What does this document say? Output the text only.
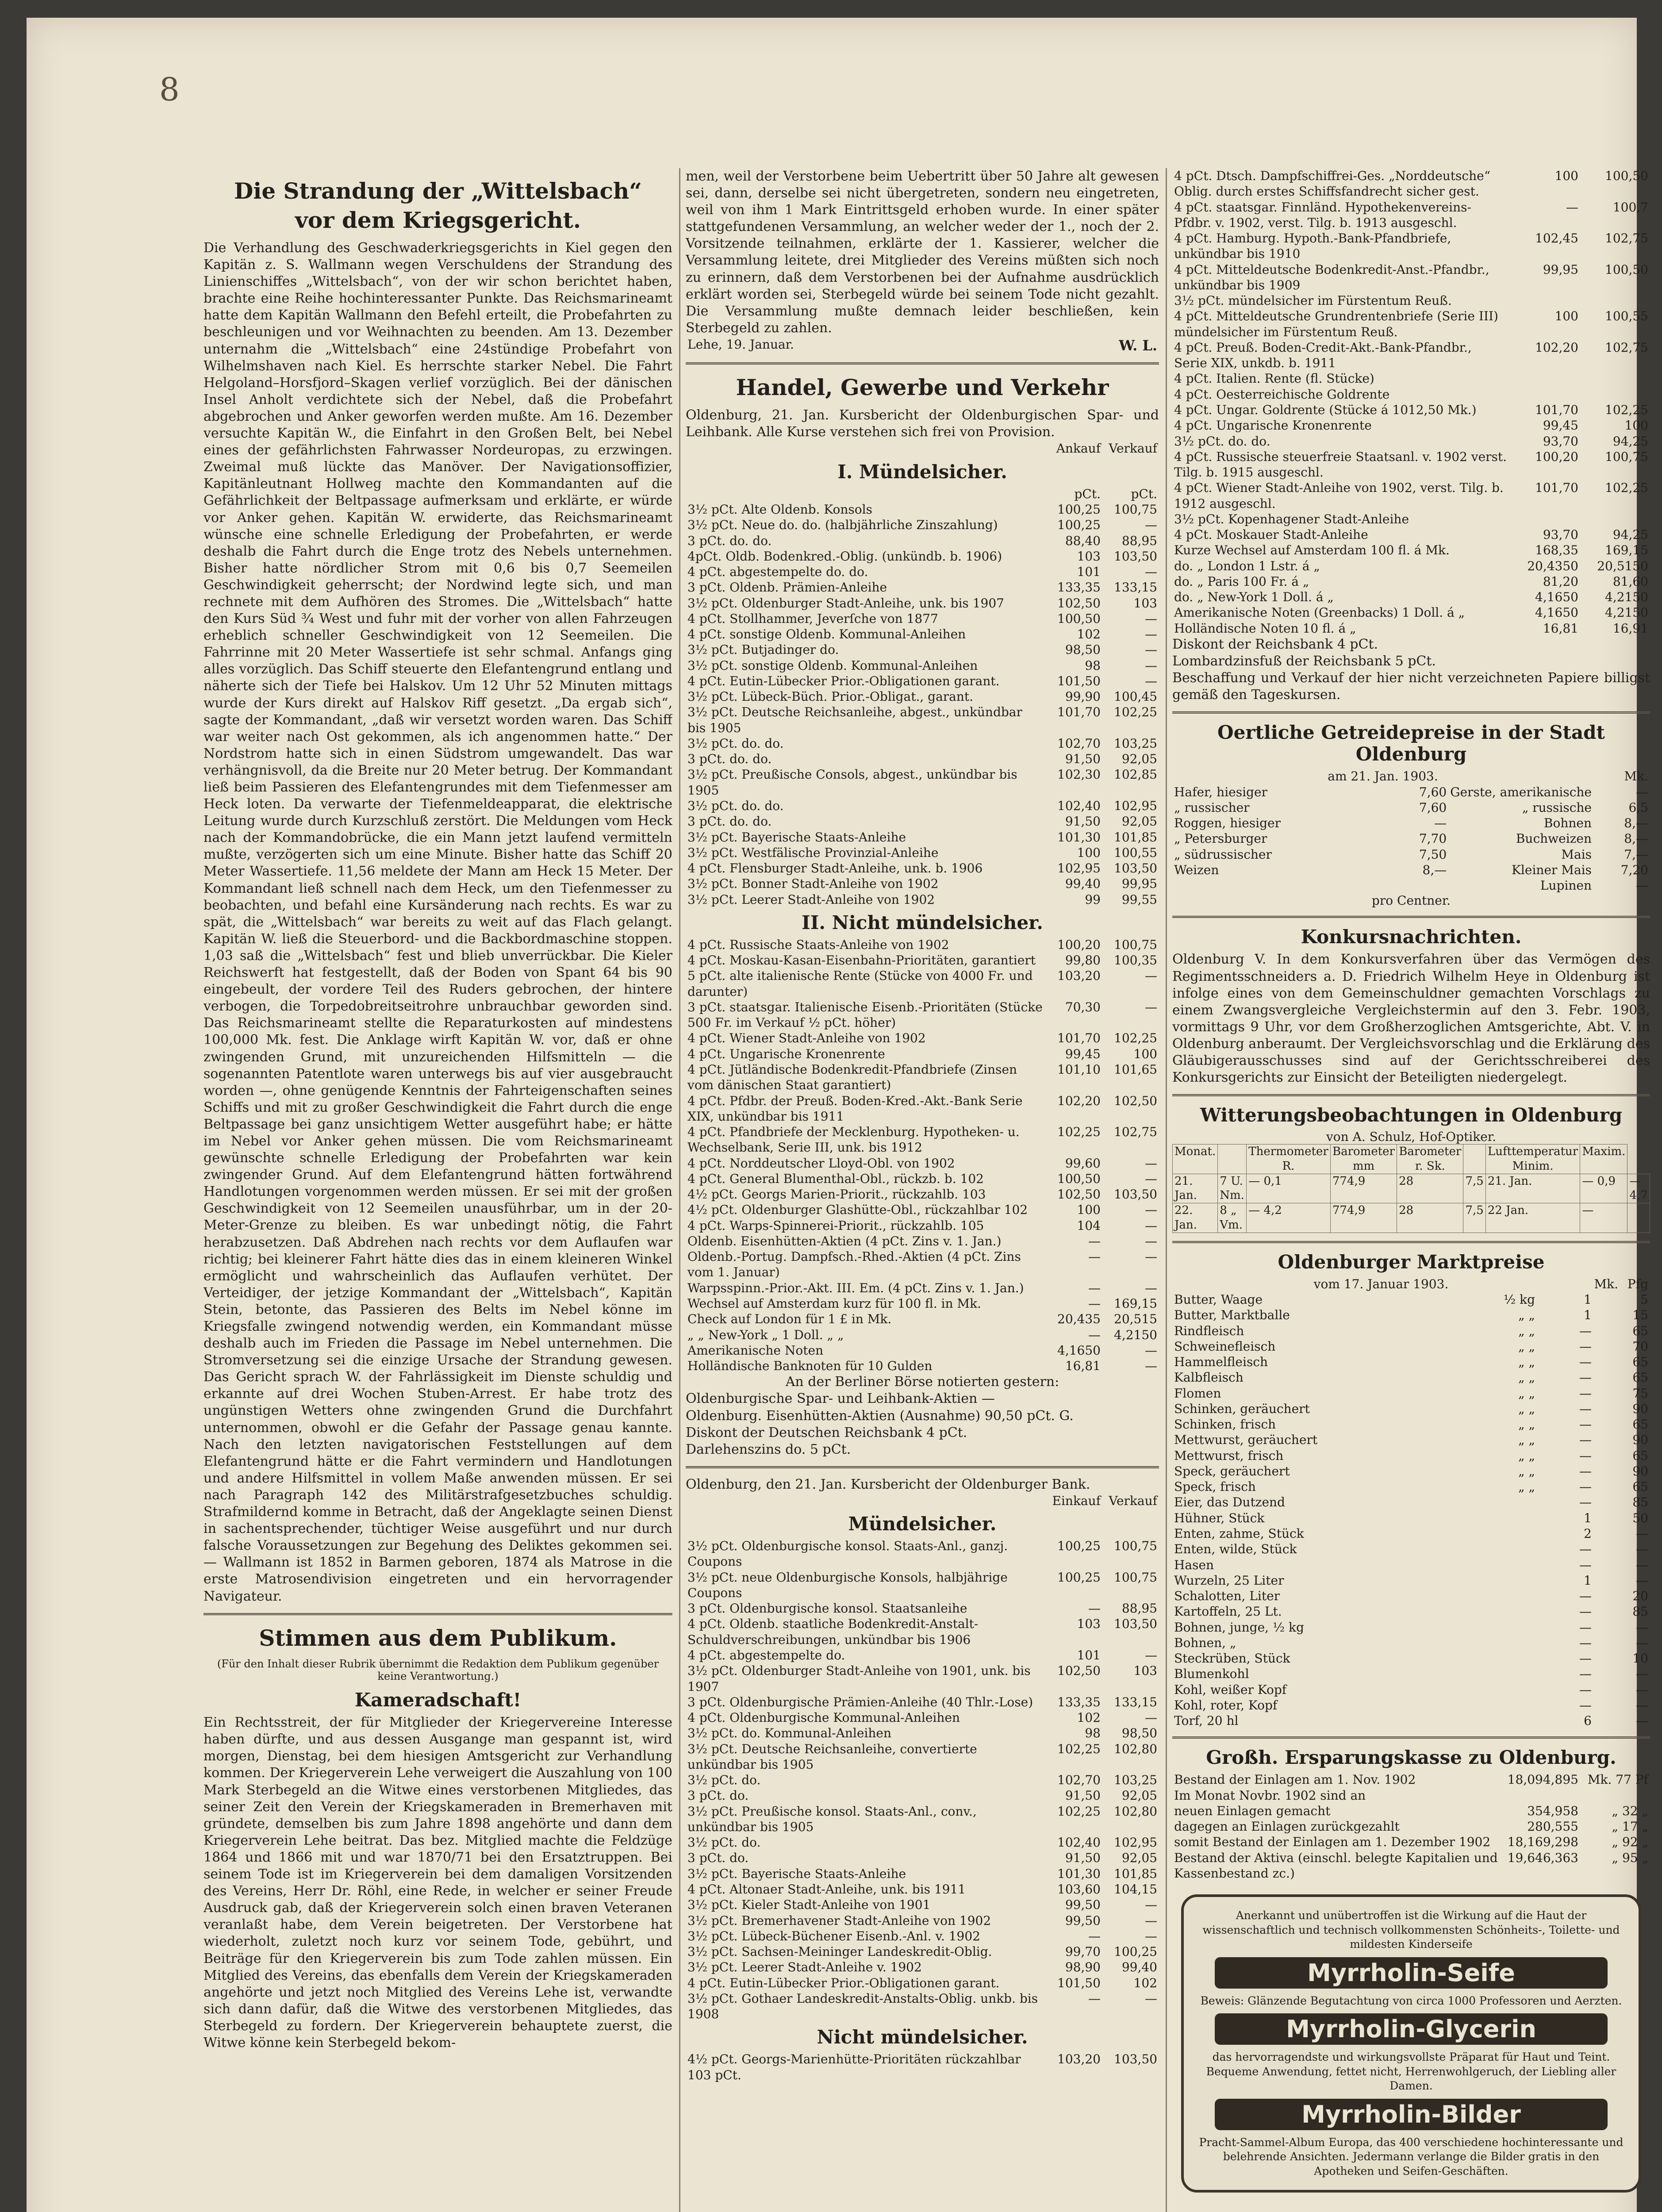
8
Die Strandung der „Wittelsbach“
vor dem Kriegsgericht.

Die Verhandlung des Geschwaderkriegsgerichts in Kiel gegen den Kapitän z. S. Wallmann wegen Verschuldens der Strandung des Linienschiffes „Wittelsbach“, von der wir schon berichtet haben, brachte eine Reihe hochinteressanter Punkte. Das Reichsmarineamt hatte dem Kapitän Wallmann den Befehl erteilt, die Probefahrten zu beschleunigen und vor Weihnachten zu beenden. Am 13. Dezember unternahm die „Wittelsbach“ eine 24stündige Probefahrt von Wilhelmshaven nach Kiel. Es herrschte starker Nebel. Die Fahrt Helgoland–Horsfjord–Skagen verlief vorzüglich. Bei der dänischen Insel Anholt verdichtete sich der Nebel, daß die Probefahrt abgebrochen und Anker geworfen werden mußte. Am 16. Dezember versuchte Kapitän W., die Einfahrt in den Großen Belt, bei Nebel eines der gefährlichsten Fahrwasser Nordeuropas, zu erzwingen. Zweimal muß lückte das Manöver. Der Navigationsoffizier, Kapitänleutnant Hollweg machte den Kommandanten auf die Gefährlichkeit der Beltpassage aufmerksam und erklärte, er würde vor Anker gehen. Kapitän W. erwiderte, das Reichsmarineamt wünsche eine schnelle Erledigung der Probefahrten, er werde deshalb die Fahrt durch die Enge trotz des Nebels unternehmen. Bisher hatte nördlicher Strom mit 0,6 bis 0,7 Seemeilen Geschwindigkeit geherrscht; der Nordwind legte sich, und man rechnete mit dem Aufhören des Stromes. Die „Wittelsbach“ hatte den Kurs Süd ¾ West und fuhr mit der vorher von allen Fahrzeugen erheblich schneller Geschwindigkeit von 12 Seemeilen. Die Fahrrinne mit 20 Meter Wassertiefe ist sehr schmal. Anfangs ging alles vorzüglich. Das Schiff steuerte den Elefantengrund entlang und näherte sich der Tiefe bei Halskov. Um 12 Uhr 52 Minuten mittags wurde der Kurs direkt auf Halskov Riff gesetzt. „Da ergab sich“, sagte der Kommandant, „daß wir versetzt worden waren. Das Schiff war weiter nach Ost gekommen, als ich angenommen hatte.“ Der Nordstrom hatte sich in einen Südstrom umgewandelt. Das war verhängnisvoll, da die Breite nur 20 Meter betrug. Der Kommandant ließ beim Passieren des Elefantengrundes mit dem Tiefenmesser am Heck loten. Da verwarte der Tiefenmeldeapparat, die elektrische Leitung wurde durch Kurzschluß zerstört. Die Meldungen vom Heck nach der Kommandobrücke, die ein Mann jetzt laufend vermitteln mußte, verzögerten sich um eine Minute. Bisher hatte das Schiff 20 Meter Wassertiefe. 11,56 meldete der Mann am Heck 15 Meter. Der Kommandant ließ schnell nach dem Heck, um den Tiefenmesser zu beobachten, und befahl eine Kursänderung nach rechts. Es war zu spät, die „Wittelsbach“ war bereits zu weit auf das Flach gelangt. Kapitän W. ließ die Steuerbord- und die Backbordmaschine stoppen. 1,03 saß die „Wittelsbach“ fest und blieb unverrückbar. Die Kieler Reichswerft hat festgestellt, daß der Boden von Spant 64 bis 90 eingebeult, der vordere Teil des Ruders gebrochen, der hintere verbogen, die Torpedobreitseitrohre unbrauchbar geworden sind. Das Reichsmarineamt stellte die Reparaturkosten auf mindestens 100,000 Mk. fest. Die Anklage wirft Kapitän W. vor, daß er ohne zwingenden Grund, mit unzureichenden Hilfsmitteln — die sogenannten Patentlote waren unterwegs bis auf vier ausgebraucht worden —, ohne genügende Kenntnis der Fahrteigenschaften seines Schiffs und mit zu großer Geschwindigkeit die Fahrt durch die enge Beltpassage bei ganz unsichtigem Wetter ausgeführt habe; er hätte im Nebel vor Anker gehen müssen. Die vom Reichsmarineamt gewünschte schnelle Erledigung der Probefahrten war kein zwingender Grund. Auf dem Elefantengrund hätten fortwährend Handlotungen vorgenommen werden müssen. Er sei mit der großen Geschwindigkeit von 12 Seemeilen unausführbar, um in der 20-Meter-Grenze zu bleiben. Es war unbedingt nötig, die Fahrt herabzusetzen. Daß Abdrehen nach rechts vor dem Auflaufen war richtig; bei kleinerer Fahrt hätte dies das in einem kleineren Winkel ermöglicht und wahrscheinlich das Auflaufen verhütet. Der Verteidiger, der jetzige Kommandant der „Wittelsbach“, Kapitän Stein, betonte, das Passieren des Belts im Nebel könne im Kriegsfalle zwingend notwendig werden, ein Kommandant müsse deshalb auch im Frieden die Passage im Nebel unternehmen. Die Stromversetzung sei die einzige Ursache der Strandung gewesen. Das Gericht sprach W. der Fahrlässigkeit im Dienste schuldig und erkannte auf drei Wochen Stuben-Arrest. Er habe trotz des ungünstigen Wetters ohne zwingenden Grund die Durchfahrt unternommen, obwohl er die Gefahr der Passage genau kannte. Nach den letzten navigatorischen Feststellungen auf dem Elefantengrund hätte er die Fahrt vermindern und Handlotungen und andere Hilfsmittel in vollem Maße anwenden müssen. Er sei nach Paragraph 142 des Militärstrafgesetzbuches schuldig. Strafmildernd komme in Betracht, daß der Angeklagte seinen Dienst in sachentsprechender, tüchtiger Weise ausgeführt und nur durch falsche Voraussetzungen zur Begehung des Deliktes gekommen sei. — Wallmann ist 1852 in Barmen geboren, 1874 als Matrose in die erste Matrosendivision eingetreten und ein hervorragender Navigateur.

Stimmen aus dem Publikum.
(Für den Inhalt dieser Rubrik übernimmt die Redaktion dem Publikum gegenüber keine Verantwortung.)
Kameradschaft!

Ein Rechtsstreit, der für Mitglieder der Kriegervereine Interesse haben dürfte, und aus dessen Ausgange man gespannt ist, wird morgen, Dienstag, bei dem hiesigen Amtsgericht zur Verhandlung kommen. Der Kriegerverein Lehe verweigert die Auszahlung von 100 Mark Sterbegeld an die Witwe eines verstorbenen Mitgliedes, das seiner Zeit den Verein der Kriegskameraden in Bremerhaven mit gründete, demselben bis zum Jahre 1898 angehörte und dann dem Kriegerverein Lehe beitrat. Das bez. Mitglied machte die Feldzüge 1864 und 1866 mit und war 1870/71 bei den Ersatztruppen. Bei seinem Tode ist im Kriegerverein bei dem damaligen Vorsitzenden des Vereins, Herr Dr. Röhl, eine Rede, in welcher er seiner Freude Ausdruck gab, daß der Kriegerverein solch einen braven Veteranen veranlaßt habe, dem Verein beigetreten. Der Verstorbene hat wiederholt, zuletzt noch kurz vor seinem Tode, gebührt, und Beiträge für den Kriegerverein bis zum Tode zahlen müssen. Ein Mitglied des Vereins, das ebenfalls dem Verein der Kriegskameraden angehörte und jetzt noch Mitglied des Vereins Lehe ist, verwandte sich dann dafür, daß die Witwe des verstorbenen Mitgliedes, das Sterbegeld zu fordern. Der Kriegerverein behauptete zuerst, die Witwe könne kein Sterbegeld bekom-

men, weil der Verstorbene beim Uebertritt über 50 Jahre alt gewesen sei, dann, derselbe sei nicht übergetreten, sondern neu eingetreten, weil von ihm 1 Mark Eintrittsgeld erhoben wurde. In einer später stattgefundenen Versammlung, an welcher weder der 1., noch der 2. Vorsitzende teilnahmen, erklärte der 1. Kassierer, welcher die Versammlung leitete, drei Mitglieder des Vereins müßten sich noch zu erinnern, daß dem Verstorbenen bei der Aufnahme ausdrücklich erklärt worden sei, Sterbegeld würde bei seinem Tode nicht gezahlt. Die Versammlung mußte demnach leider beschließen, kein Sterbegeld zu zahlen.

Lehe, 19. Januar.	W. L.
Handel, Gewerbe und Verkehr

Oldenburg, 21. Jan. Kursbericht der Oldenburgischen Spar- und Leihbank. Alle Kurse verstehen sich frei von Provision.

	Ankauf	Verkauf
I. Mündelsicher.
	pCt.	pCt.
3½ pCt. Alte Oldenb. Konsols	100,25	100,75
3½ pCt. Neue do. do. (halbjährliche Zinszahlung)	100,25	—
3 pCt. do. do.	88,40	88,95
4pCt. Oldb. Bodenkred.-Oblig. (unkündb. b. 1906)	103	103,50
4 pCt. abgestempelte do. do.	101	—
3 pCt. Oldenb. Prämien-Anleihe	133,35	133,15
3½ pCt. Oldenburger Stadt-Anleihe, unk. bis 1907	102,50	103
4 pCt. Stollhammer, Jeverſche von 1877	100,50	—
4 pCt. sonstige Oldenb. Kommunal-Anleihen	102	—
3½ pCt. Butjadinger do.	98,50	—
3½ pCt. sonstige Oldenb. Kommunal-Anleihen	98	—
4 pCt. Eutin-Lübecker Prior.-Obligationen garant.	101,50	—
3½ pCt. Lübeck-Büch. Prior.-Obligat., garant.	99,90	100,45
3½ pCt. Deutsche Reichsanleihe, abgest., unkündbar bis 1905	101,70	102,25
3½ pCt. do. do.	102,70	103,25
3 pCt. do. do.	91,50	92,05
3½ pCt. Preußische Consols, abgest., unkündbar bis 1905	102,30	102,85
3½ pCt. do. do.	102,40	102,95
3 pCt. do. do.	91,50	92,05
3½ pCt. Bayerische Staats-Anleihe	101,30	101,85
3½ pCt. Westfälische Provinzial-Anleihe	100	100,55
4 pCt. Flensburger Stadt-Anleihe, unk. b. 1906	102,95	103,50
3½ pCt. Bonner Stadt-Anleihe von 1902	99,40	99,95
3½ pCt. Leerer Stadt-Anleihe von 1902	99	99,55
II. Nicht mündelsicher.
4 pCt. Russische Staats-Anleihe von 1902	100,20	100,75
4 pCt. Moskau-Kasan-Eisenbahn-Prioritäten, garantiert	99,80	100,35
5 pCt. alte italienische Rente (Stücke von 4000 Fr. und darunter)	103,20	—
3 pCt. staatsgar. Italienische Eisenb.-Prioritäten (Stücke 500 Fr. im Verkauf ½ pCt. höher)	70,30	—
4 pCt. Wiener Stadt-Anleihe von 1902	101,70	102,25
4 pCt. Ungarische Kronenrente	99,45	100
4 pCt. Jütländische Bodenkredit-Pfandbriefe (Zinsen vom dänischen Staat garantiert)	101,10	101,65
4 pCt. Pfdbr. der Preuß. Boden-Kred.-Akt.-Bank Serie XIX, unkündbar bis 1911	102,20	102,50
4 pCt. Pfandbriefe der Mecklenburg. Hypotheken- u. Wechselbank, Serie III, unk. bis 1912	102,25	102,75
4 pCt. Norddeutscher Lloyd-Obl. von 1902	99,60	—
4 pCt. General Blumenthal-Obl., rückzb. b. 102	100,50	—
4½ pCt. Georgs Marien-Priorit., rückzahlb. 103	102,50	103,50
4½ pCt. Oldenburger Glashütte-Obl., rückzahlbar 102	100	—
4 pCt. Warps-Spinnerei-Priorit., rückzahlb. 105	104	—
Oldenb. Eisenhütten-Aktien (4 pCt. Zins v. 1. Jan.)	—	—
Oldenb.-Portug. Dampfsch.-Rhed.-Aktien (4 pCt. Zins vom 1. Januar)	—	—
Warpsspinn.-Prior.-Akt. III. Em. (4 pCt. Zins v. 1. Jan.)	—	—
Wechsel auf Amsterdam kurz für 100 fl. in Mk.	—	169,15
Check auf London für 1 £ in Mk.	20,435	20,515
„ „ New-York „ 1 Doll. „ „	—	4,2150
Amerikanische Noten	4,1650	—
Holländische Banknoten für 10 Gulden	16,81	—

An der Berliner Börse notierten gestern:

Oldenburgische Spar- und Leihbank-Aktien —

Oldenburg. Eisenhütten-Aktien (Ausnahme) 90,50 pCt. G.

Diskont der Deutschen Reichsbank 4 pCt.

Darlehenszins do. 5 pCt.

Oldenburg, den 21. Jan. Kursbericht der Oldenburger Bank.

	Einkauf	Verkauf
Mündelsicher.
3½ pCt. Oldenburgische konsol. Staats-Anl., ganzj. Coupons	100,25	100,75
3½ pCt. neue Oldenburgische Konsols, halbjährige Coupons	100,25	100,75
3 pCt. Oldenburgische konsol. Staatsanleihe	—	88,95
4 pCt. Oldenb. staatliche Bodenkredit-Anstalt-Schuldverschreibungen, unkündbar bis 1906	103	103,50
4 pCt. abgestempelte do.	101	—
3½ pCt. Oldenburger Stadt-Anleihe von 1901, unk. bis 1907	102,50	103
3 pCt. Oldenburgische Prämien-Anleihe (40 Thlr.-Lose)	133,35	133,15
4 pCt. Oldenburgische Kommunal-Anleihen	102	—
3½ pCt. do. Kommunal-Anleihen	98	98,50
3½ pCt. Deutsche Reichsanleihe, convertierte unkündbar bis 1905	102,25	102,80
3½ pCt. do.	102,70	103,25
3 pCt. do.	91,50	92,05
3½ pCt. Preußische konsol. Staats-Anl., conv., unkündbar bis 1905	102,25	102,80
3½ pCt. do.	102,40	102,95
3 pCt. do.	91,50	92,05
3½ pCt. Bayerische Staats-Anleihe	101,30	101,85
4 pCt. Altonaer Stadt-Anleihe, unk. bis 1911	103,60	104,15
3½ pCt. Kieler Stadt-Anleihe von 1901	99,50	—
3½ pCt. Bremerhavener Stadt-Anleihe von 1902	99,50	—
3½ pCt. Lübeck-Büchener Eisenb.-Anl. v. 1902	—	—
3½ pCt. Sachsen-Meininger Landeskredit-Oblig.	99,70	100,25
3½ pCt. Leerer Stadt-Anleihe v. 1902	98,90	99,40
4 pCt. Eutin-Lübecker Prior.-Obligationen garant.	101,50	102
3½ pCt. Gothaer Landeskredit-Anstalts-Oblig. unkb. bis 1908	—	—
Nicht mündelsicher.
4½ pCt. Georgs-Marienhütte-Prioritäten rückzahlbar 103 pCt.	103,20	103,50
4 pCt. Dtsch. Dampfschiffrei-Ges. „Norddeutsche“ Oblig. durch erstes Schiffsfandrecht sicher gest.	100	100,50
4 pCt. staatsgar. Finnländ. Hypothekenvereins-Pfdbr. v. 1902, verst. Tilg. b. 1913 ausgeschl.	—	100,7
4 pCt. Hamburg. Hypoth.-Bank-Pfandbriefe, unkündbar bis 1910	102,45	102,75
4 pCt. Mitteldeutsche Bodenkredit-Anst.-Pfandbr., unkündbar bis 1909	99,95	100,50
3½ pCt. mündelsicher im Fürstentum Reuß.		
4 pCt. Mitteldeutsche Grundrentenbriefe (Serie III) mündelsicher im Fürstentum Reuß.	100	100,55
4 pCt. Preuß. Boden-Credit-Akt.-Bank-Pfandbr., Serie XIX, unkdb. b. 1911	102,20	102,75
4 pCt. Italien. Rente (fl. Stücke)		
4 pCt. Oesterreichische Goldrente		
4 pCt. Ungar. Goldrente (Stücke á 1012,50 Mk.)	101,70	102,25
4 pCt. Ungarische Kronenrente	99,45	100
3½ pCt. do. do.	93,70	94,25
4 pCt. Russische steuerfreie Staatsanl. v. 1902 verst. Tilg. b. 1915 ausgeschl.	100,20	100,75
4 pCt. Wiener Stadt-Anleihe von 1902, verst. Tilg. b. 1912 ausgeschl.	101,70	102,25
3½ pCt. Kopenhagener Stadt-Anleihe		
4 pCt. Moskauer Stadt-Anleihe	93,70	94,25
Kurze Wechsel auf Amsterdam 100 fl. á Mk.	168,35	169,15
do. „ London 1 Lstr. á „	20,4350	20,5150
do. „ Paris 100 Fr. á „	81,20	81,60
do. „ New-York 1 Doll. á „	4,1650	4,2150
Amerikanische Noten (Greenbacks) 1 Doll. á „	4,1650	4,2150
Holländische Noten 10 fl. á „	16,81	16,91

Diskont der Reichsbank 4 pCt.

Lombardzinsfuß der Reichsbank 5 pCt.

Beschaffung und Verkauf der hier nicht verzeichneten Papiere billigst gemäß den Tageskursen.

Oertliche Getreidepreise in der Stadt Oldenburg
am 21. Jan. 1903.	Mk.
Hafer, hiesiger	7,60	Gerste, amerikanische	—
„ russischer	7,60	„ russische	6,5
Roggen, hiesiger	—	Bohnen	8,—
„ Petersburger	7,70	Buchweizen	8,—
„ südrussischer	7,50	Mais	7,—
Weizen	8,—	Kleiner Mais	7,20
		Lupinen	—
pro Centner.
Konkursnachrichten.

Oldenburg V. In dem Konkursverfahren über das Vermögen des Regimentsschneiders a. D. Friedrich Wilhelm Heye in Oldenburg ist infolge eines von dem Gemeinschuldner gemachten Vorschlags zu einem Zwangsvergleiche Vergleichstermin auf den 3. Febr. 1903, vormittags 9 Uhr, vor dem Großherzoglichen Amtsgerichte, Abt. V. in Oldenburg anberaumt. Der Vergleichsvorschlag und die Erklärung des Gläubigerausschusses sind auf der Gerichtsschreiberei des Konkursgerichts zur Einsicht der Beteiligten niedergelegt.

Witterungsbeobachtungen in Oldenburg
von A. Schulz, Hof-Optiker.
Monat.		Thermometer R.	Barometer mm	Barometer r. Sk.		Lufttemperatur Minim.	Maxim.	
21. Jan.	7 U. Nm.	— 0,1	774,9	28	7,5	21. Jan.	— 0,9	— 4,7
22. Jan.	8 „ Vm.	— 4,2	774,9	28	7,5	22 Jan.	—	
Oldenburger Marktpreise
vom 17. Januar 1903.	Mk.	Pfg
Butter, Waage	⅟₂ kg	1	5
Butter, Marktballe	„ „	1	15
Rindfleisch	„ „	—	65
Schweinefleisch	„ „	—	70
Hammelfleisch	„ „	—	65
Kalbfleisch	„ „	—	65
Flomen	„ „	—	75
Schinken, geräuchert	„ „	—	90
Schinken, frisch	„ „	—	65
Mettwurst, geräuchert	„ „	—	90
Mettwurst, frisch	„ „	—	65
Speck, geräuchert	„ „	—	90
Speck, frisch	„ „	—	65
Eier, das Dutzend		—	85
Hühner, Stück		1	50
Enten, zahme, Stück		2	—
Enten, wilde, Stück		—	—
Hasen		—	—
Wurzeln, 25 Liter		1	—
Schalotten, Liter		—	20
Kartoffeln, 25 Lt.		—	85
Bohnen, junge, ½ kg		—	—
Bohnen, „		—	—
Steckrüben, Stück		—	10
Blumenkohl		—	—
Kohl, weißer Kopf		—	—
Kohl, roter, Kopf		—	—
Torf, 20 hl		6	—
Großh. Ersparungskasse zu Oldenburg.
Bestand der Einlagen am 1. Nov. 1902	18,094,895	Mk. 77 Pf
Im Monat Novbr. 1902 sind an		
neuen Einlagen gemacht	354,958	„ 32 „
dagegen an Einlagen zurückgezahlt	280,555	„ 17 „
somit Bestand der Einlagen am 1. Dezember 1902	18,169,298	„ 92 „
Bestand der Aktiva (einschl. belegte Kapitalien und Kassenbestand zc.)	19,646,363	„ 95 „
Anerkannt und unübertroffen ist die Wirkung auf die Haut der wissenschaftlich und technisch vollkommensten Schönheits-, Toilette- und mildesten Kinderseife
Myrrholin-Seife
Beweis: Glänzende Begutachtung von circa 1000 Professoren und Aerzten.
Myrrholin-Glycerin
das hervorragendste und wirkungsvollste Präparat für Haut und Teint. Bequeme Anwendung, fettet nicht, Herrenwohlgeruch, der Liebling aller Damen.
Myrrholin-Bilder
Pracht-Sammel-Album Europa, das 400 verschiedene hochinteressante und belehrende Ansichten. Jedermann verlange die Bilder gratis in den Apotheken und Seifen-Geschäften.
